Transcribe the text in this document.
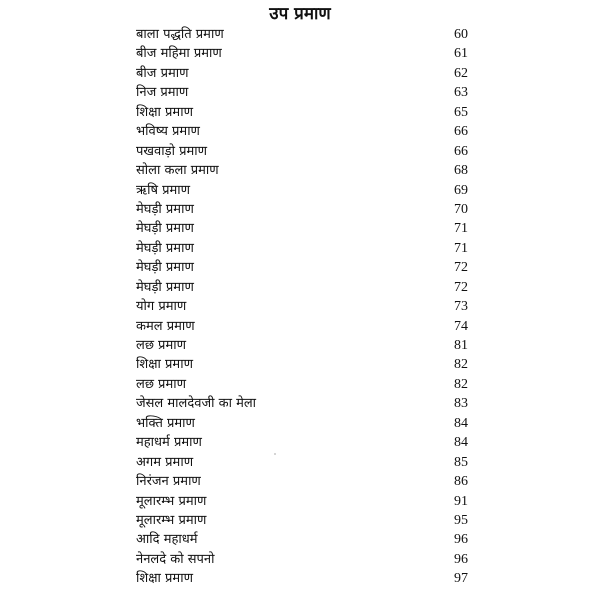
उप प्रमाण
बाला पद्धति प्रमाण	60
बीज महिमा प्रमाण	61
बीज प्रमाण	62
निज प्रमाण	63
शिक्षा प्रमाण	65
भविष्य प्रमाण	66
पखवाड़ो प्रमाण	66
सोला कला प्रमाण	68
ऋषि प्रमाण	69
मेघड़ी प्रमाण	70
मेघड़ी प्रमाण	71
मेघड़ी प्रमाण	71
मेघड़ी प्रमाण	72
मेघड़ी प्रमाण	72
योग प्रमाण	73
कमल प्रमाण	74
लछ प्रमाण	81
शिक्षा प्रमाण	82
लछ प्रमाण	82
जेसल मालदेवजी का मेला	83
भक्ति प्रमाण	84
महाधर्म प्रमाण	84
अगम प्रमाण	85
निरंजन प्रमाण	86
मूलारम्भ प्रमाण	91
मूलारम्भ प्रमाण	95
आदि महाधर्म	96
नेनलदे को सपनो	96
शिक्षा प्रमाण	97
